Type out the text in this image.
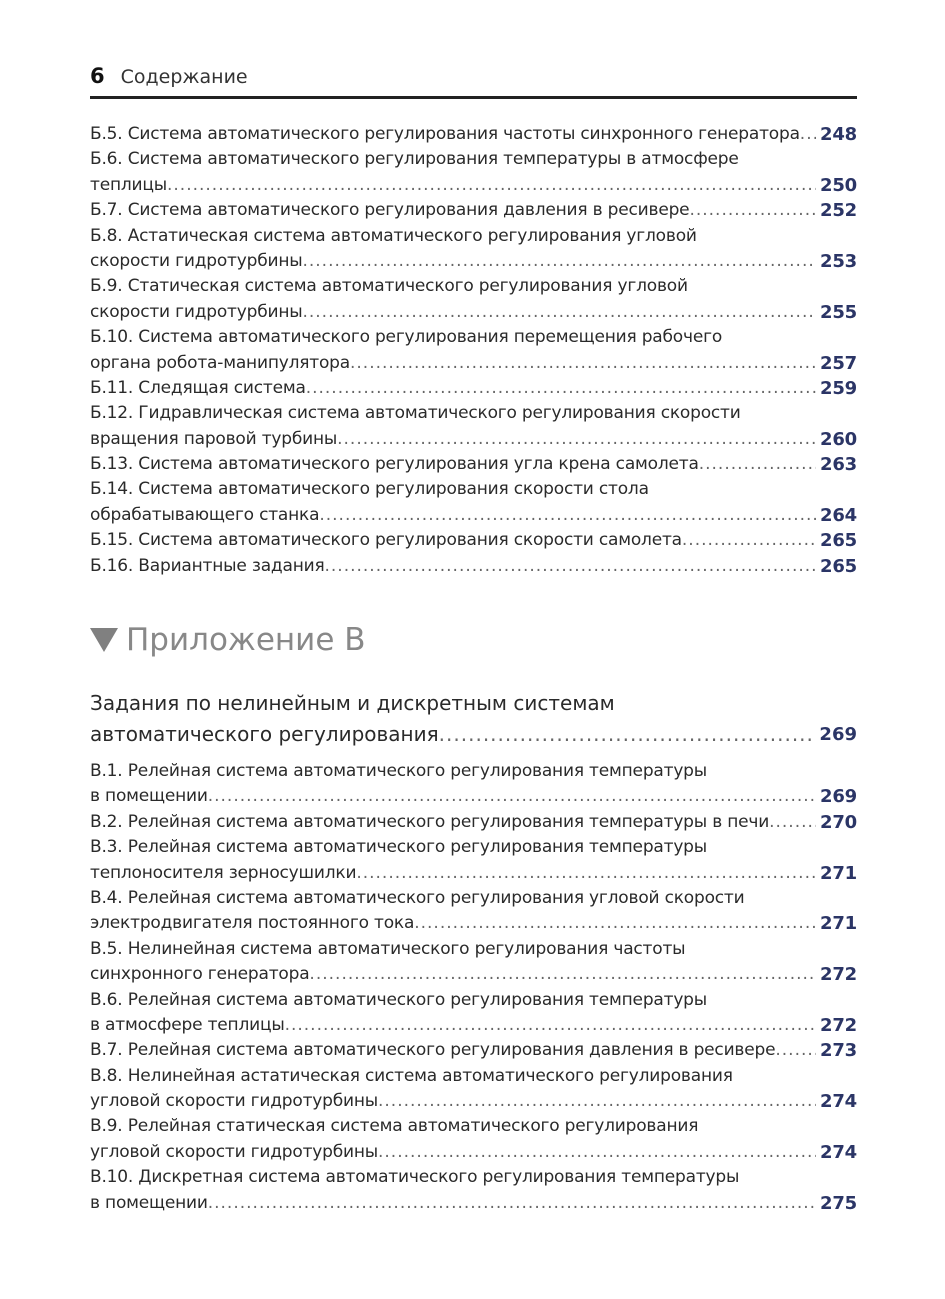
6 Содержание
Б.5. Система автоматического регулирования частоты синхронного генератора ..... 248
Б.6. Система автоматического регулирования температуры в атмосфере
теплицы .....	250
Б.7. Система автоматического регулирования давления в ресивере .....	252
Б.8. Астатическая система автоматического регулирования угловой
скорости гидротурбины .....	253
Б.9. Статическая система автоматического регулирования угловой
скорости гидротурбины .....	255
Б.10. Система автоматического регулирования перемещения рабочего
органа робота-манипулятора .....	257
Б.11. Следящая система .....	259
Б.12. Гидравлическая система автоматического регулирования скорости
вращения паровой турбины .....	260
Б.13. Система автоматического регулирования угла крена самолета .....	263
Б.14. Система автоматического регулирования скорости стола
обрабатывающего станка .....	264
Б.15. Система автоматического регулирования скорости самолета .....	265
Б.16. Вариантные задания .....	265
Приложение В
Задания по нелинейным и дискретным системам
автоматического регулирования .....	269
В.1. Релейная система автоматического регулирования температуры
в помещении .....	269
В.2. Релейная система автоматического регулирования температуры в печи .....	270
В.3. Релейная система автоматического регулирования температуры
теплоносителя зерносушилки .....	271
В.4. Релейная система автоматического регулирования угловой скорости
электродвигателя постоянного тока .....	271
В.5. Нелинейная система автоматического регулирования частоты
синхронного генератора .....	272
В.6. Релейная система автоматического регулирования температуры
в атмосфере теплицы .....	272
В.7. Релейная система автоматического регулирования давления в ресивере ..... 273
В.8. Нелинейная астатическая система автоматического регулирования
угловой скорости гидротурбины .....	274
В.9. Релейная статическая система автоматического регулирования
угловой скорости гидротурбины .....	274
В.10. Дискретная система автоматического регулирования температуры
в помещении .....	275
